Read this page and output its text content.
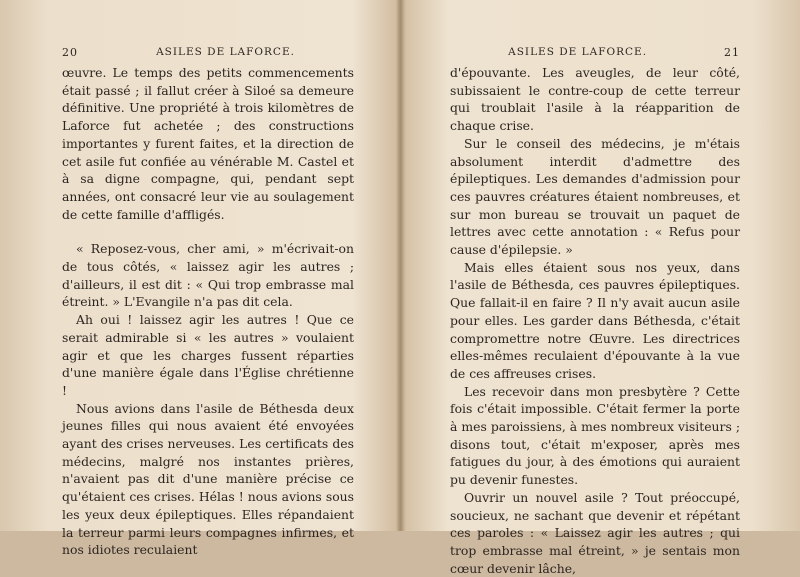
20	ASILES DE LAFORCE.

œuvre. Le temps des petits commencements était passé ; il fallut créer à Siloé sa demeure définitive. Une propriété à trois kilomètres de Laforce fut achetée ; des constructions importantes y furent faites, et la direction de cet asile fut confiée au vénérable M. Castel et à sa digne compagne, qui, pendant sept années, ont consacré leur vie au soulagement de cette famille d'affligés.

« Reposez-vous, cher ami, » m'écrivait-on de tous côtés, « laissez agir les autres ; d'ailleurs, il est dit : « Qui trop embrasse mal étreint. » L'Evangile n'a pas dit cela.

Ah oui ! laissez agir les autres ! Que ce serait admirable si « les autres » voulaient agir et que les charges fussent réparties d'une manière égale dans l'Église chrétienne !

Nous avions dans l'asile de Béthesda deux jeunes filles qui nous avaient été envoyées ayant des crises nerveuses. Les certificats des médecins, malgré nos instantes prières, n'avaient pas dit d'une manière précise ce qu'étaient ces crises. Hélas ! nous avions sous les yeux deux épileptiques. Elles répandaient la terreur parmi leurs compagnes infirmes, et nos idiotes reculaient

ASILES DE LAFORCE.	21

d'épouvante. Les aveugles, de leur côté, subissaient le contre-coup de cette terreur qui troublait l'asile à la réapparition de chaque crise.

Sur le conseil des médecins, je m'étais absolument interdit d'admettre des épileptiques. Les demandes d'admission pour ces pauvres créatures étaient nombreuses, et sur mon bureau se trouvait un paquet de lettres avec cette annotation : « Refus pour cause d'épilepsie. »

Mais elles étaient sous nos yeux, dans l'asile de Béthesda, ces pauvres épileptiques. Que fallait-il en faire ? Il n'y avait aucun asile pour elles. Les garder dans Béthesda, c'était compromettre notre Œuvre. Les directrices elles-mêmes reculaient d'épouvante à la vue de ces affreuses crises.

Les recevoir dans mon presbytère ? Cette fois c'était impossible. C'était fermer la porte à mes paroissiens, à mes nombreux visiteurs ; disons tout, c'était m'exposer, après mes fatigues du jour, à des émotions qui auraient pu devenir funestes.

Ouvrir un nouvel asile ? Tout préoccupé, soucieux, ne sachant que devenir et répétant ces paroles : « Laissez agir les autres ; qui trop embrasse mal étreint, » je sentais mon cœur devenir lâche,
